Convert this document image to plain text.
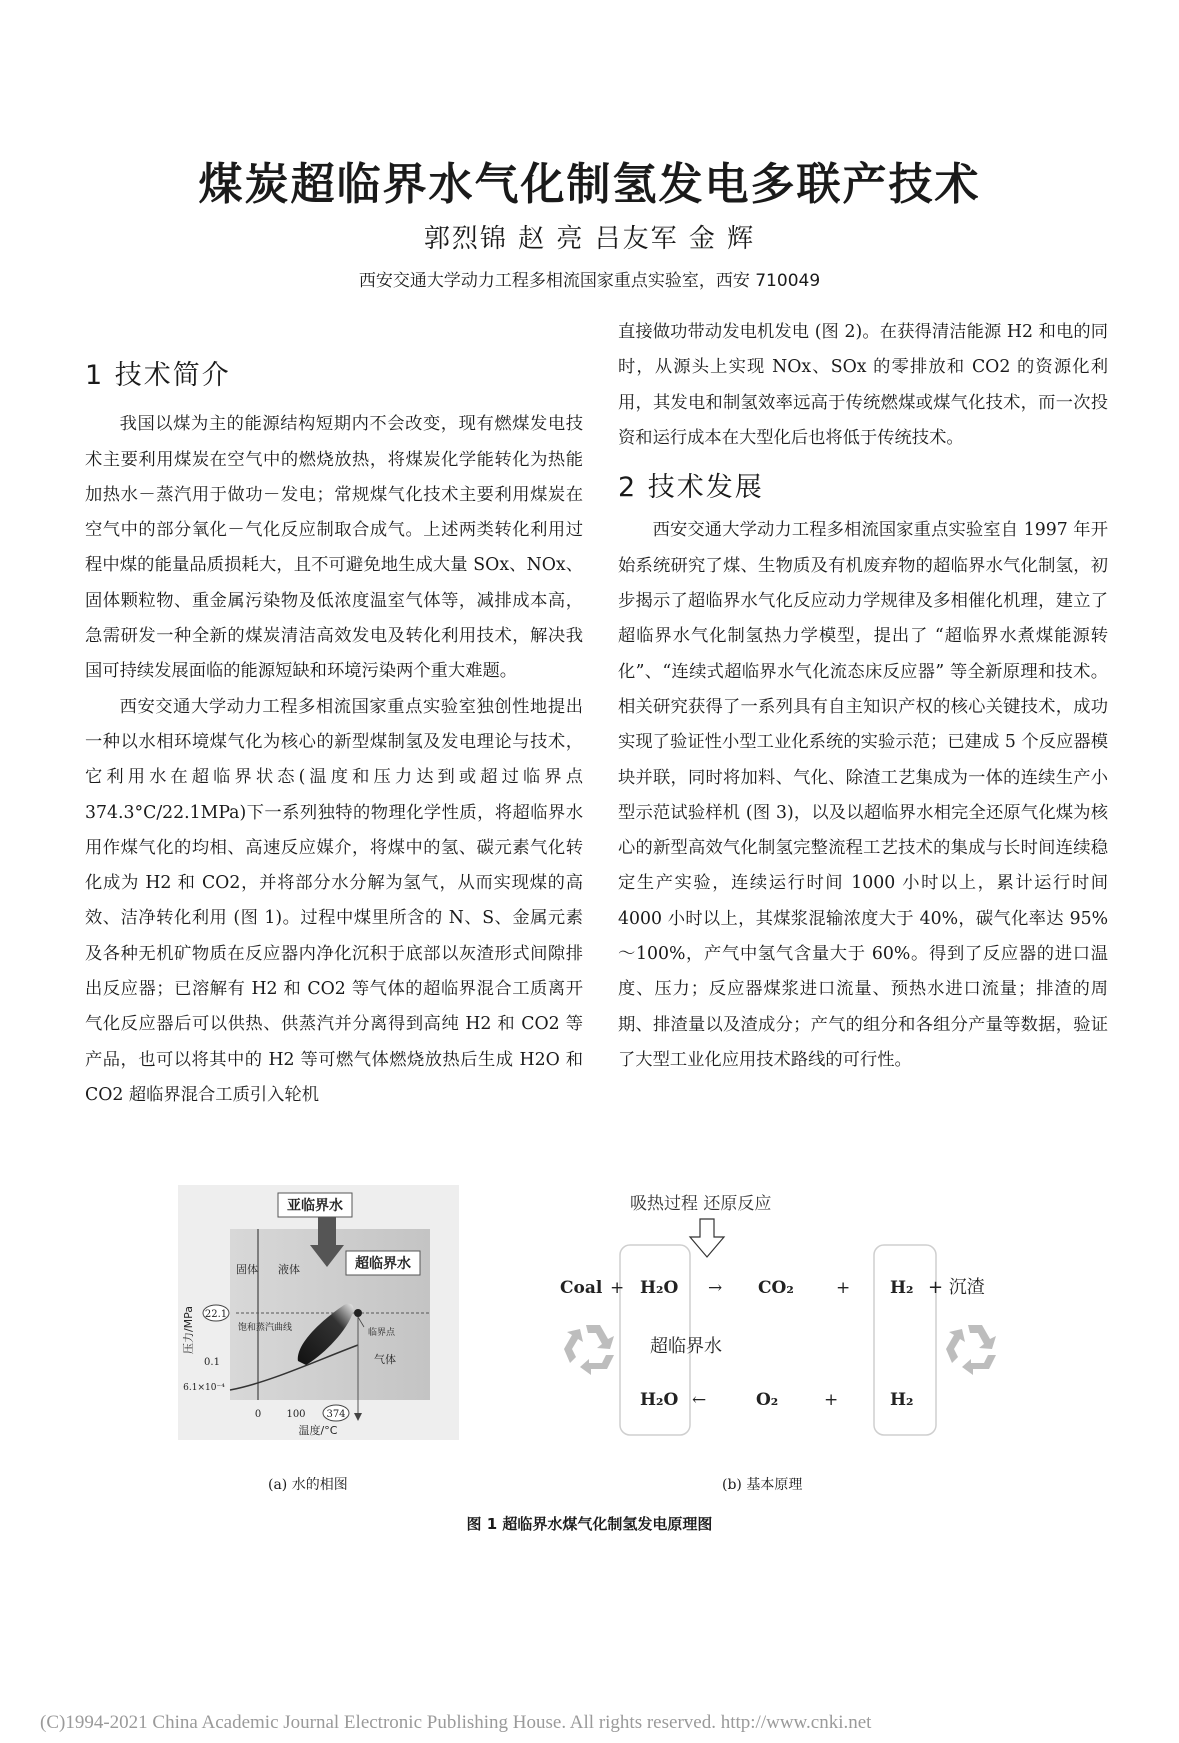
煤炭超临界水气化制氢发电多联产技术
郭烈锦 赵 亮 吕友军 金 辉
西安交通大学动力工程多相流国家重点实验室，西安 710049
1 技术简介

我国以煤为主的能源结构短期内不会改变，现有燃煤发电技术主要利用煤炭在空气中的燃烧放热，将煤炭化学能转化为热能加热水－蒸汽用于做功－发电；常规煤气化技术主要利用煤炭在空气中的部分氧化－气化反应制取合成气。上述两类转化利用过程中煤的能量品质损耗大，且不可避免地生成大量 SOx、NOx、固体颗粒物、重金属污染物及低浓度温室气体等，减排成本高，急需研发一种全新的煤炭清洁高效发电及转化利用技术，解决我国可持续发展面临的能源短缺和环境污染两个重大难题。

西安交通大学动力工程多相流国家重点实验室独创性地提出一种以水相环境煤气化为核心的新型煤制氢及发电理论与技术，它利用水在超临界状态(温度和压力达到或超过临界点 374.3°C/22.1MPa)下一系列独特的物理化学性质，将超临界水用作煤气化的均相、高速反应媒介，将煤中的氢、碳元素气化转化成为 H2 和 CO2，并将部分水分解为氢气，从而实现煤的高效、洁净转化利用 (图 1)。过程中煤里所含的 N、S、金属元素及各种无机矿物质在反应器内净化沉积于底部以灰渣形式间隙排出反应器；已溶解有 H2 和 CO2 等气体的超临界混合工质离开气化反应器后可以供热、供蒸汽并分离得到高纯 H2 和 CO2 等产品，也可以将其中的 H2 等可燃气体燃烧放热后生成 H2O 和 CO2 超临界混合工质引入轮机

直接做功带动发电机发电 (图 2)。在获得清洁能源 H2 和电的同时，从源头上实现 NOx、SOx 的零排放和 CO2 的资源化利用，其发电和制氢效率远高于传统燃煤或煤气化技术，而一次投资和运行成本在大型化后也将低于传统技术。

2 技术发展

西安交通大学动力工程多相流国家重点实验室自 1997 年开始系统研究了煤、生物质及有机废弃物的超临界水气化制氢，初步揭示了超临界水气化反应动力学规律及多相催化机理，建立了超临界水气化制氢热力学模型，提出了 “超临界水煮煤能源转化”、“连续式超临界水气化流态床反应器” 等全新原理和技术。相关研究获得了一系列具有自主知识产权的核心关键技术，成功实现了验证性小型工业化系统的实验示范；已建成 5 个反应器模块并联，同时将加料、气化、除渣工艺集成为一体的连续生产小型示范试验样机 (图 3)，以及以超临界水相完全还原气化煤为核心的新型高效气化制氢完整流程工艺技术的集成与长时间连续稳定生产实验，连续运行时间 1000 小时以上，累计运行时间 4000 小时以上，其煤浆混输浓度大于 40%，碳气化率达 95%～100%，产气中氢气含量大于 60%。得到了反应器的进口温度、压力；反应器煤浆进口流量、预热水进口流量；排渣的周期、排渣量以及渣成分；产气的组分和各组分产量等数据，验证了大型工业化应用技术路线的可行性。

亚临界水
超临界水
固体 液体
气体
饱和蒸汽曲线	临界点
22.1
0.1
6.1×10⁻⁴
压力/MPa
0	100 374
温度/°C
(a) 水的相图
吸热过程 还原反应
Coal + H₂O → CO₂ + H₂ + 沉渣
超临界水
H₂O ←	O₂	+	H₂
(b) 基本原理
图 1 超临界水煤气化制氢发电原理图
(C)1994-2021 China Academic Journal Electronic Publishing House. All rights reserved. http://www.cnki.net
